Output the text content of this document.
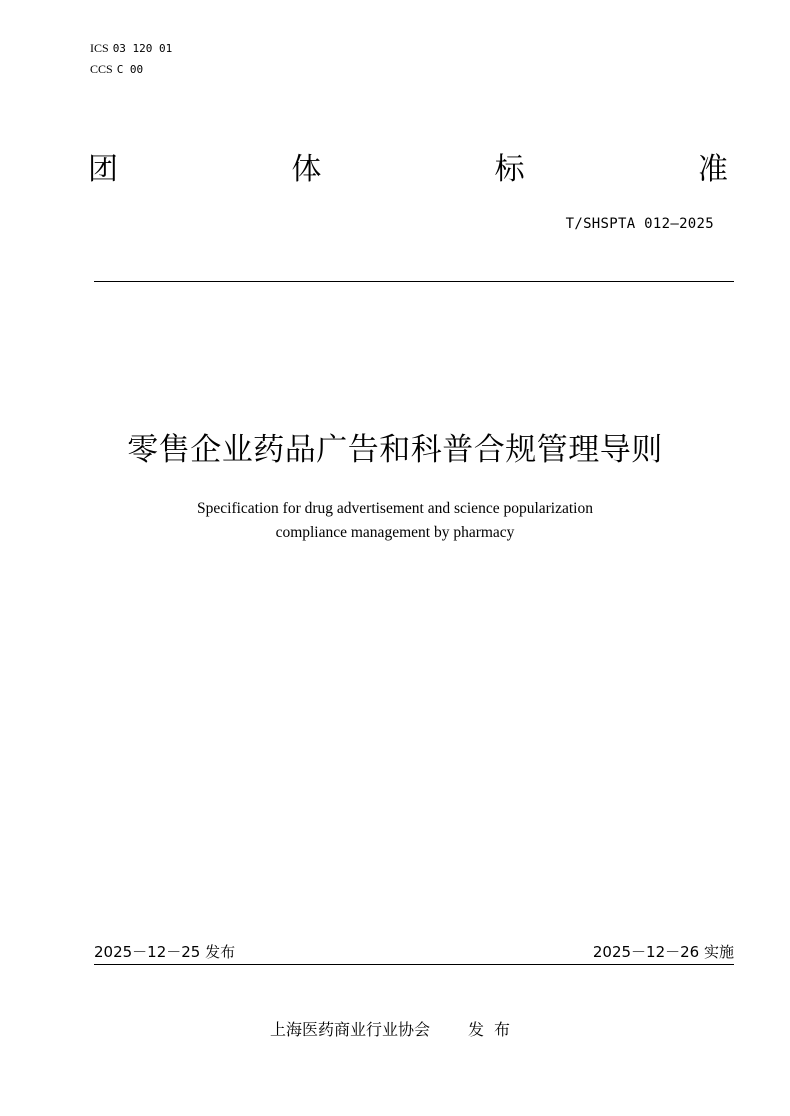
ICS 03 120 01
CCS C 00
团	体	标	准
T/SHSPTA 012—2025
零售企业药品广告和科普合规管理导则
Specification for drug advertisement and science popularization
compliance management by pharmacy
2025－12－25 发布	2025－12－26 实施
上海医药商业行业协会 发布
